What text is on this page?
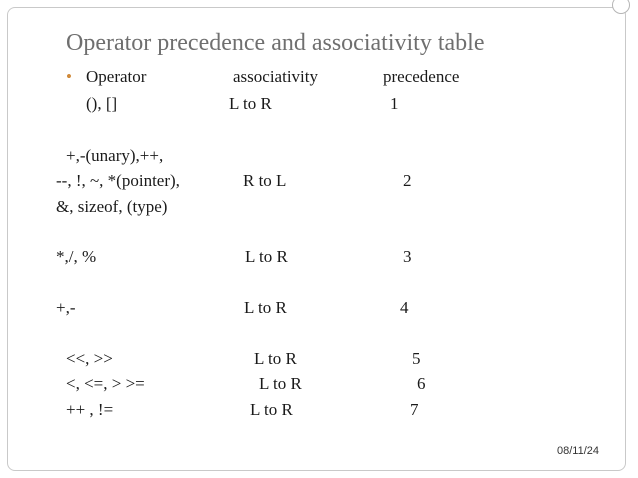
Operator precedence and associativity table
• Operator	associativity	precedence
(), []	L to R	1
+,-(unary),++,
--, !, ~, *(pointer),	R to L	2
&, sizeof, (type)
*,/, %	L to R	3
+,-	L to R	4
<<, >>	L to R	5
<, <=, > >=	L to R	6
++ , !=	L to R	7
08/11/24
